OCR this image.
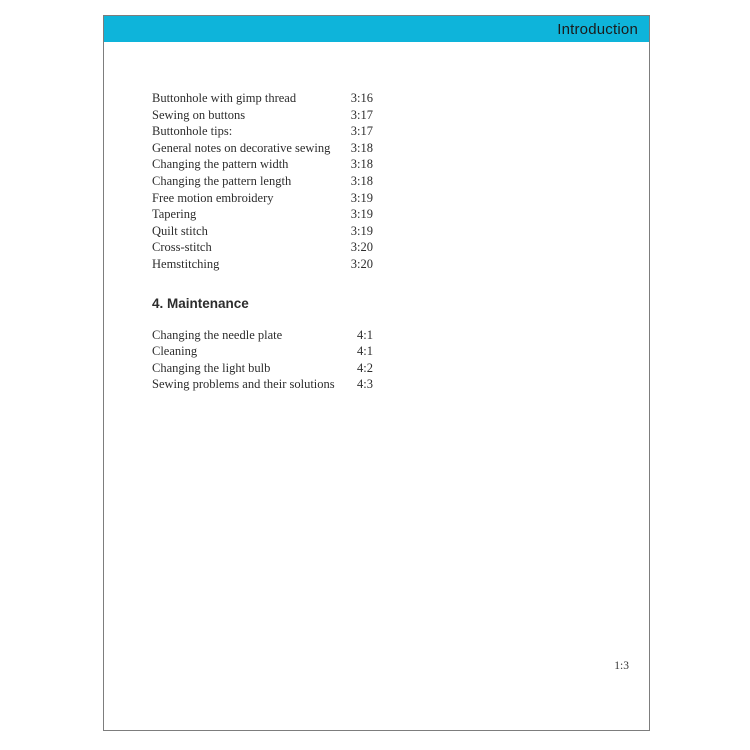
Introduction
Buttonhole with gimp thread	3:16
Sewing on buttons	3:17
Buttonhole tips:	3:17
General notes on decorative sewing 3:18
Changing the pattern width	3:18
Changing the pattern length	3:18
Free motion embroidery	3:19
Tapering	3:19
Quilt stitch	3:19
Cross-stitch	3:20
Hemstitching	3:20
4. Maintenance
Changing the needle plate	4:1
Cleaning	4:1
Changing the light bulb	4:2
Sewing problems and their solutions 4:3
1:3
